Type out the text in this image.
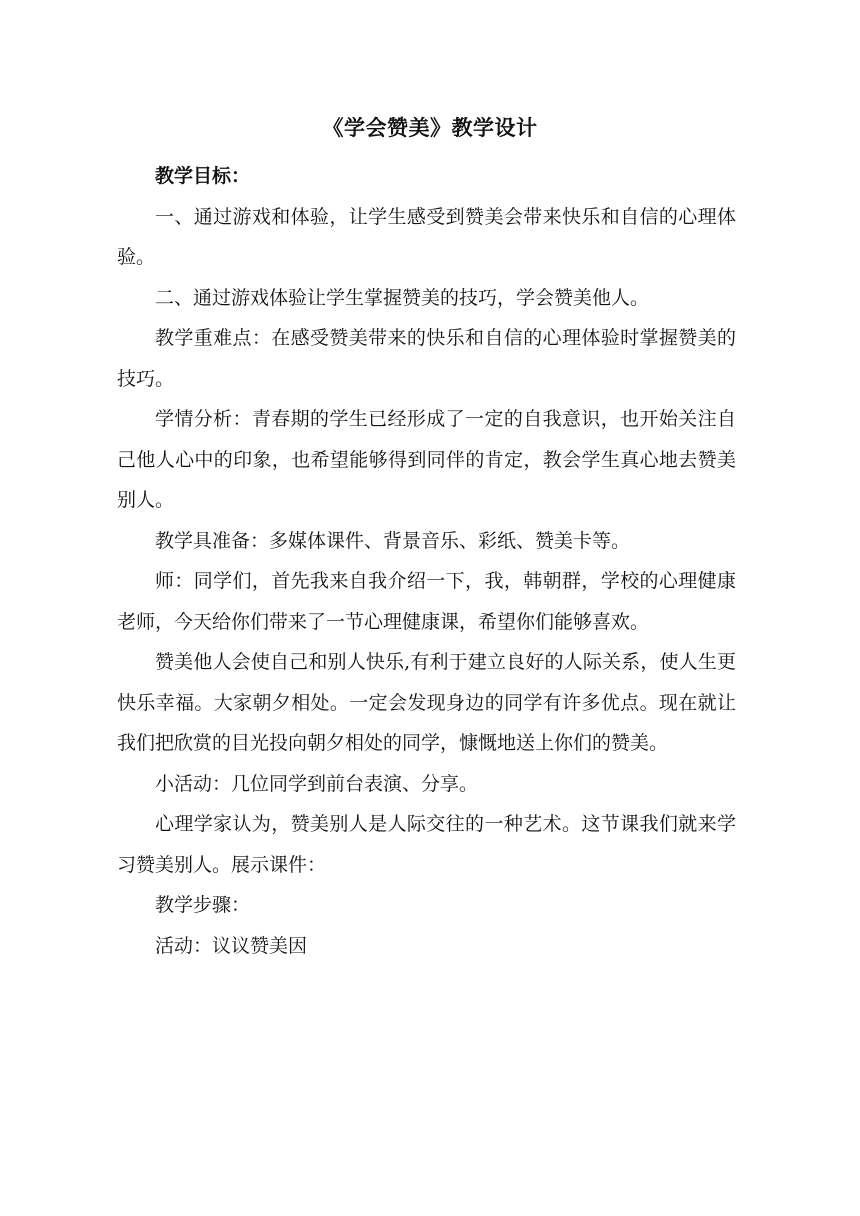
《学会赞美》教学设计

教学目标：

一、通过游戏和体验，让学生感受到赞美会带来快乐和自信的心理体验。

二、通过游戏体验让学生掌握赞美的技巧，学会赞美他人。

教学重难点：在感受赞美带来的快乐和自信的心理体验时掌握赞美的技巧。

学情分析：青春期的学生已经形成了一定的自我意识，也开始关注自己他人心中的印象，也希望能够得到同伴的肯定，教会学生真心地去赞美别人。

教学具准备：多媒体课件、背景音乐、彩纸、赞美卡等。

师：同学们，首先我来自我介绍一下，我，韩朝群，学校的心理健康老师，今天给你们带来了一节心理健康课，希望你们能够喜欢。

赞美他人会使自己和别人快乐,有利于建立良好的人际关系，使人生更快乐幸福。大家朝夕相处。一定会发现身边的同学有许多优点。现在就让我们把欣赏的目光投向朝夕相处的同学，慷慨地送上你们的赞美。

小活动：几位同学到前台表演、分享。

心理学家认为，赞美别人是人际交往的一种艺术。这节课我们就来学习赞美别人。展示课件：

教学步骤：

活动：议议赞美因
